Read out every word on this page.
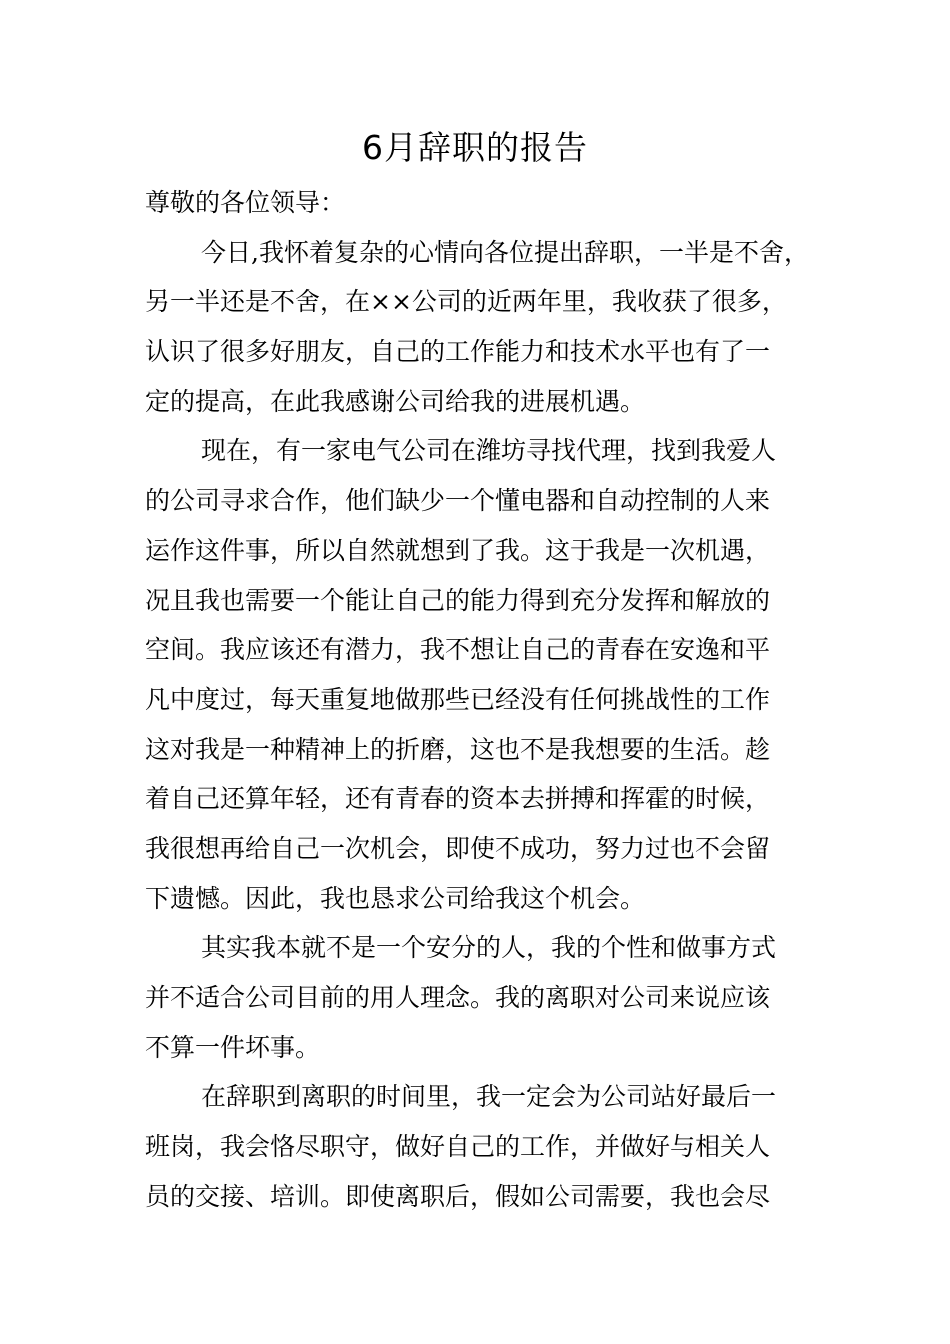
6月辞职的报告
尊敬的各位领导：
今日,我怀着复杂的心情向各位提出辞职，一半是不舍，
另一半还是不舍，在××公司的近两年里，我收获了很多，
认识了很多好朋友，自己的工作能力和技术水平也有了一
定的提高，在此我感谢公司给我的进展机遇。
现在，有一家电气公司在潍坊寻找代理，找到我爱人
的公司寻求合作，他们缺少一个懂电器和自动控制的人来
运作这件事，所以自然就想到了我。这于我是一次机遇，
况且我也需要一个能让自己的能力得到充分发挥和解放的
空间。我应该还有潜力，我不想让自己的青春在安逸和平
凡中度过，每天重复地做那些已经没有任何挑战性的工作
这对我是一种精神上的折磨，这也不是我想要的生活。趁
着自己还算年轻，还有青春的资本去拼搏和挥霍的时候，
我很想再给自己一次机会，即使不成功，努力过也不会留
下遗憾。因此，我也恳求公司给我这个机会。
其实我本就不是一个安分的人，我的个性和做事方式
并不适合公司目前的用人理念。我的离职对公司来说应该
不算一件坏事。
在辞职到离职的时间里，我一定会为公司站好最后一
班岗，我会恪尽职守，做好自己的工作，并做好与相关人
员的交接、培训。即使离职后，假如公司需要，我也会尽
